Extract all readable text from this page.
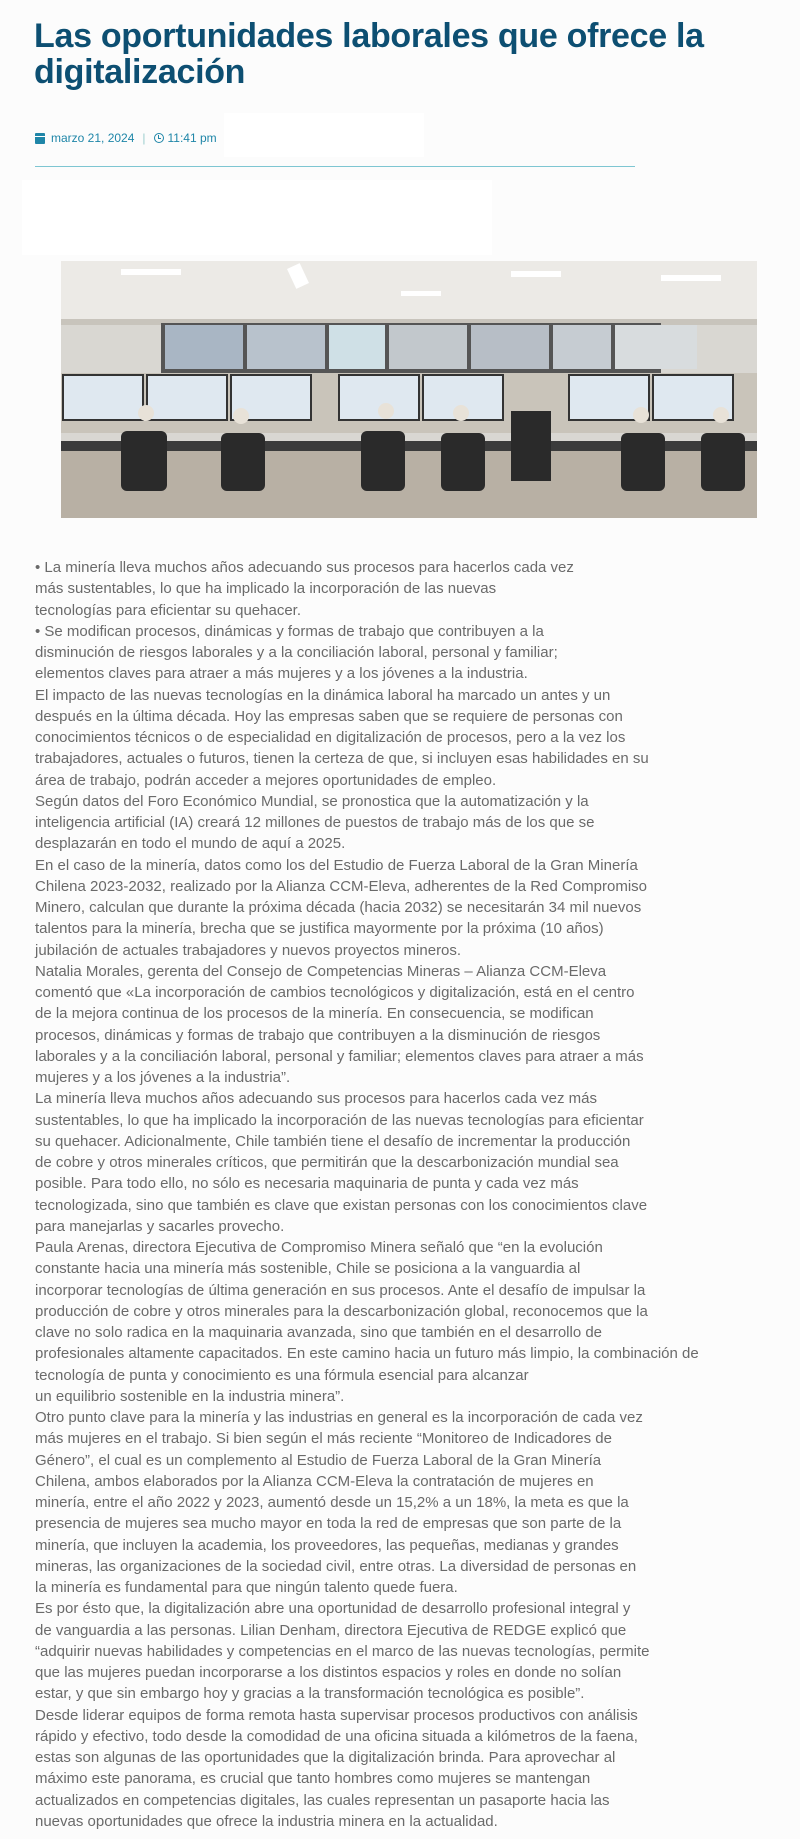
Las oportunidades laborales que ofrece la digitalización
marzo 21, 2024 | 11:41 pm
• La minería lleva muchos años adecuando sus procesos para hacerlos cada vez
más sustentables, lo que ha implicado la incorporación de las nuevas
tecnologías para eficientar su quehacer.
• Se modifican procesos, dinámicas y formas de trabajo que contribuyen a la
disminución de riesgos laborales y a la conciliación laboral, personal y familiar;
elementos claves para atraer a más mujeres y a los jóvenes a la industria.
El impacto de las nuevas tecnologías en la dinámica laboral ha marcado un antes y un
después en la última década. Hoy las empresas saben que se requiere de personas con
conocimientos técnicos o de especialidad en digitalización de procesos, pero a la vez los
trabajadores, actuales o futuros, tienen la certeza de que, si incluyen esas habilidades en su
área de trabajo, podrán acceder a mejores oportunidades de empleo.
Según datos del Foro Económico Mundial, se pronostica que la automatización y la
inteligencia artificial (IA) creará 12 millones de puestos de trabajo más de los que se
desplazarán en todo el mundo de aquí a 2025.
En el caso de la minería, datos como los del Estudio de Fuerza Laboral de la Gran Minería
Chilena 2023-2032, realizado por la Alianza CCM-Eleva, adherentes de la Red Compromiso
Minero, calculan que durante la próxima década (hacia 2032) se necesitarán 34 mil nuevos
talentos para la minería, brecha que se justifica mayormente por la próxima (10 años)
jubilación de actuales trabajadores y nuevos proyectos mineros.
Natalia Morales, gerenta del Consejo de Competencias Mineras – Alianza CCM-Eleva
comentó que «La incorporación de cambios tecnológicos y digitalización, está en el centro
de la mejora continua de los procesos de la minería. En consecuencia, se modifican
procesos, dinámicas y formas de trabajo que contribuyen a la disminución de riesgos
laborales y a la conciliación laboral, personal y familiar; elementos claves para atraer a más
mujeres y a los jóvenes a la industria”.
La minería lleva muchos años adecuando sus procesos para hacerlos cada vez más
sustentables, lo que ha implicado la incorporación de las nuevas tecnologías para eficientar
su quehacer. Adicionalmente, Chile también tiene el desafío de incrementar la producción
de cobre y otros minerales críticos, que permitirán que la descarbonización mundial sea
posible. Para todo ello, no sólo es necesaria maquinaria de punta y cada vez más
tecnologizada, sino que también es clave que existan personas con los conocimientos clave
para manejarlas y sacarles provecho.
Paula Arenas, directora Ejecutiva de Compromiso Minera señaló que “en la evolución
constante hacia una minería más sostenible, Chile se posiciona a la vanguardia al
incorporar tecnologías de última generación en sus procesos. Ante el desafío de impulsar la
producción de cobre y otros minerales para la descarbonización global, reconocemos que la
clave no solo radica en la maquinaria avanzada, sino que también en el desarrollo de
profesionales altamente capacitados. En este camino hacia un futuro más limpio, la combinación de
tecnología de punta y conocimiento es una fórmula esencial para alcanzar
un equilibrio sostenible en la industria minera”.
Otro punto clave para la minería y las industrias en general es la incorporación de cada vez
más mujeres en el trabajo. Si bien según el más reciente “Monitoreo de Indicadores de
Género”, el cual es un complemento al Estudio de Fuerza Laboral de la Gran Minería
Chilena, ambos elaborados por la Alianza CCM-Eleva la contratación de mujeres en
minería, entre el año 2022 y 2023, aumentó desde un 15,2% a un 18%, la meta es que la
presencia de mujeres sea mucho mayor en toda la red de empresas que son parte de la
minería, que incluyen la academia, los proveedores, las pequeñas, medianas y grandes
mineras, las organizaciones de la sociedad civil, entre otras. La diversidad de personas en
la minería es fundamental para que ningún talento quede fuera.
Es por ésto que, la digitalización abre una oportunidad de desarrollo profesional integral y
de vanguardia a las personas. Lilian Denham, directora Ejecutiva de REDGE explicó que
“adquirir nuevas habilidades y competencias en el marco de las nuevas tecnologías, permite
que las mujeres puedan incorporarse a los distintos espacios y roles en donde no solían
estar, y que sin embargo hoy y gracias a la transformación tecnológica es posible”.
Desde liderar equipos de forma remota hasta supervisar procesos productivos con análisis
rápido y efectivo, todo desde la comodidad de una oficina situada a kilómetros de la faena,
estas son algunas de las oportunidades que la digitalización brinda. Para aprovechar al
máximo este panorama, es crucial que tanto hombres como mujeres se mantengan
actualizados en competencias digitales, las cuales representan un pasaporte hacia las
nuevas oportunidades que ofrece la industria minera en la actualidad.
